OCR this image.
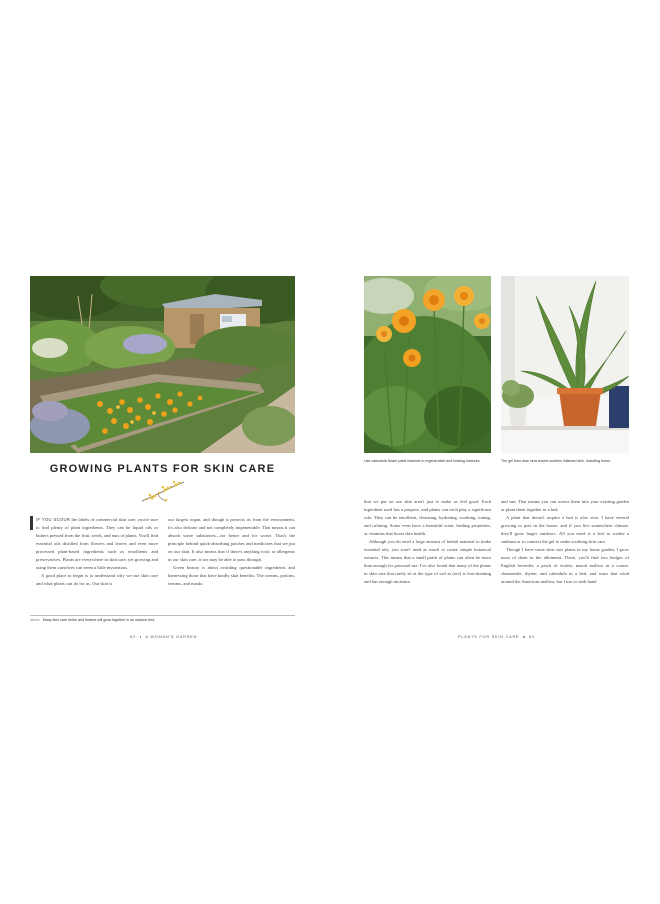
GROWING PLANTS FOR SKIN CARE

IF YOU SCOUR the labels of commercial skin care, you're sure to find plenty of plant ingredients. They can be liquid oils or butters pressed from the fruit, seeds, and nuts of plants. You'll find essential oils distilled from flowers and leaves and even more processed plant-based ingredients such as emollients and preservatives. Plants are everywhere in skin care, yet growing and using them ourselves can seem a little mysterious.

A good place to begin is to understand why we use skin care and what plants can do for us. Our skin is

our largest organ, and though it protects us from the environment, it's also delicate and not completely impenetrable. That means it can absorb some substances—for better and for worse. That's the principle behind quick-absorbing patches and medicines that we put on our skin. It also means that if there's anything toxic or allergenic in our skin care, it too may be able to pass through.

Green beauty is about avoiding questionable ingredients and harnessing those that have kindly skin benefits. The creams, potions, serums, and masks

above Many skin care herbs and flowers will grow together in an outdoor bed.
82	A WOMAN'S GARDEN
Use calendula flower petal essence in regenerative and healing mixtures.	The gel from aloe vera leaves soothes inflamed skin, including burns.

that we put on our skin aren't just to make us feel good. Each ingredient used has a purpose, and plants can each play a significant role. They can be emollient, cleansing, hydrating, soothing, toning, and calming. Some even have a beautiful scent, healing properties, or vitamins that boost skin health.

Although you do need a large amount of herbal material to make essential oils, you won't need as much to create simple botanical extracts. This means that a small patch of plants can often be more than enough for personal use. I've also found that many of the plants in skin care that rarely sit at the type of soil as (are) is free-draining and has enough moisture.

and sun. That means you can weave them into your existing garden or plant them together in a bed.

A plant that doesn't require a bed is aloe vera. I have several growing in pots in the house, and if you live somewhere climate, they'll grow larger outdoors. All you need is a leaf to soothe a sunburn or to connect the gel to make soothing skin care.

Though I have some skin care plants in my home garden, I grow most of them in the allotment. There, you'll find two hedges of English lavender, a patch of violets, marsh mallow in a corner, chamomile, thyme, and calendula in a bed, and roses that wind around the American mallow, but I use to seek hand

PLANTS FOR SKIN CARE	83
